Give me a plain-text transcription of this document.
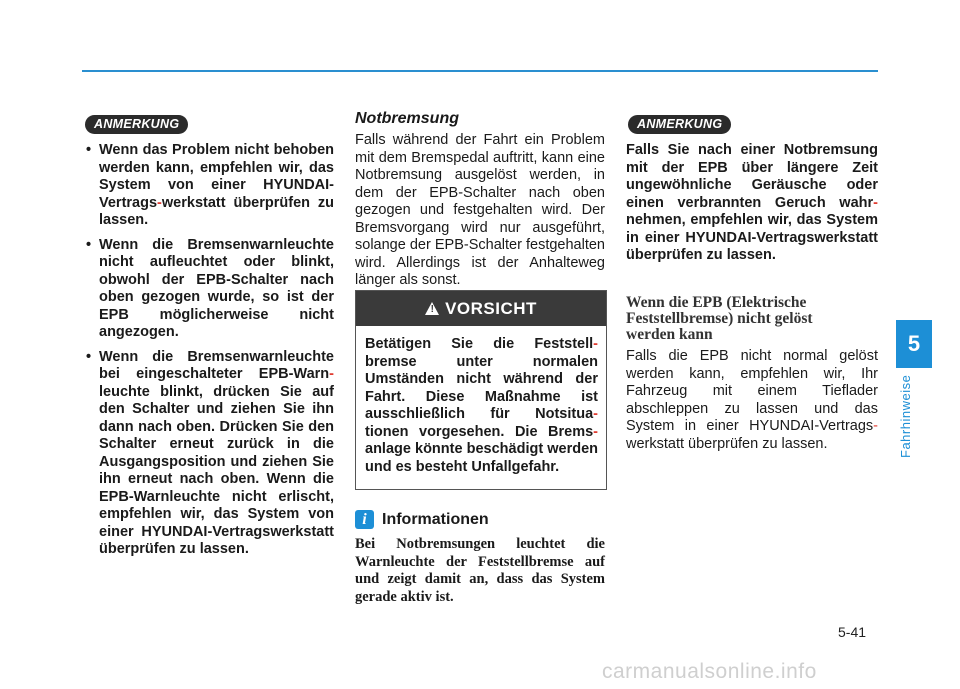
ANMERKUNG
• Wenn das Problem nicht behoben werden kann, empfehlen wir, das System von einer HYUNDAI-Vertrags-werkstatt überprüfen zu lassen.
• Wenn die Bremsenwarnleuchte nicht aufleuchtet oder blinkt, obwohl der EPB-Schalter nach oben gezogen wurde, so ist der EPB möglicherweise nicht angezogen.
• Wenn die Bremsenwarnleuchte bei eingeschalteter EPB-Warn-leuchte blinkt, drücken Sie auf den Schalter und ziehen Sie ihn dann nach oben. Drücken Sie den Schalter erneut zurück in die Ausgangsposition und ziehen Sie ihn erneut nach oben. Wenn die EPB-Warnleuchte nicht erlischt, empfehlen wir, das System von einer HYUNDAI-Vertragswerkstatt überprüfen zu lassen.
Notbremsung
Falls während der Fahrt ein Problem mit dem Bremspedal auftritt, kann eine Notbremsung ausgelöst werden, in dem der EPB-Schalter nach oben gezogen und festgehalten wird. Der Bremsvorgang wird nur ausgeführt, solange der EPB-Schalter festgehalten wird. Allerdings ist der Anhalteweg länger als sonst.
! VORSICHT
Betätigen Sie die Feststell-bremse unter normalen Umständen nicht während der Fahrt. Diese Maßnahme ist ausschließlich für Notsitua-tionen vorgesehen. Die Brems-anlage könnte beschädigt werden und es besteht Unfallgefahr.
i Informationen
Bei Notbremsungen leuchtet die Warnleuchte der Feststellbremse auf und zeigt damit an, dass das System gerade aktiv ist.
ANMERKUNG
Falls Sie nach einer Notbremsung mit der EPB über längere Zeit ungewöhnliche Geräusche oder einen verbrannten Geruch wahr-nehmen, empfehlen wir, das System in einer HYUNDAI-Vertragswerkstatt überprüfen zu lassen.
Wenn die EPB (Elektrische Feststellbremse) nicht gelöst werden kann
Falls die EPB nicht normal gelöst werden kann, empfehlen wir, Ihr Fahrzeug mit einem Tieflader abschleppen zu lassen und das System in einer HYUNDAI-Vertrags-werkstatt überprüfen zu lassen.
5
Fahrhinweise
5-41
carmanualsonline.info
